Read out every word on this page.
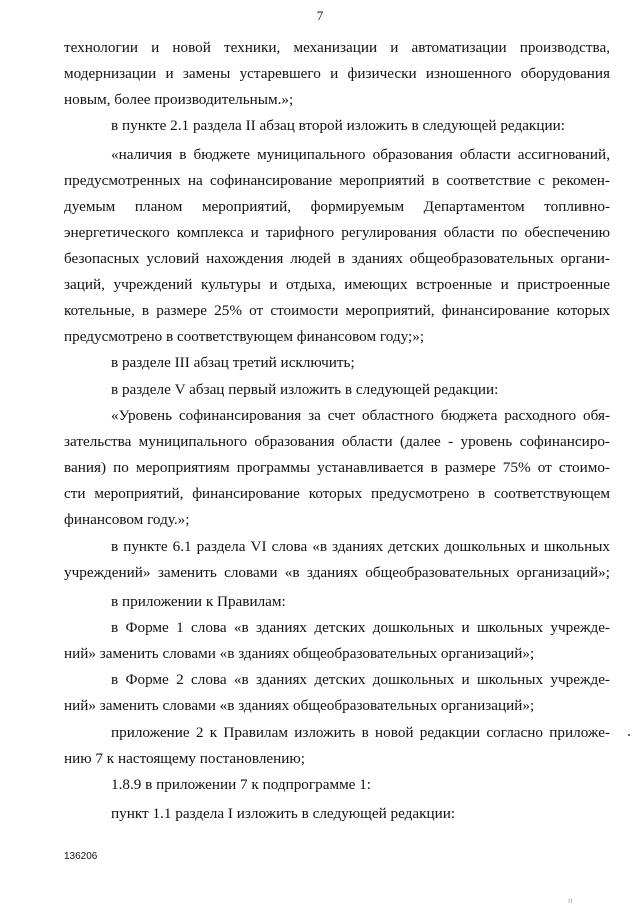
7
технологии и новой техники, механизации и автоматизации производства,
модернизации и замены устаревшего и физически изношенного оборудования
новым, более производительным.»;
в пункте 2.1 раздела II абзац второй изложить в следующей редакции:
«наличия в бюджете муниципального образования области ассигнований,
предусмотренных на софинансирование мероприятий в соответствие с рекомен-
дуемым планом мероприятий, формируемым Департаментом топливно-
энергетического комплекса и тарифного регулирования области по обеспечению
безопасных условий нахождения людей в зданиях общеобразовательных органи-
заций, учреждений культуры и отдыха, имеющих встроенные и пристроенные
котельные, в размере 25% от стоимости мероприятий, финансирование которых
предусмотрено в соответствующем финансовом году;»;
в разделе III абзац третий исключить;
в разделе V абзац первый изложить в следующей редакции:
«Уровень софинансирования за счет областного бюджета расходного обя-
зательства муниципального образования области (далее - уровень софинансиро-
вания) по мероприятиям программы устанавливается в размере 75% от стоимо-
сти мероприятий, финансирование которых предусмотрено в соответствующем
финансовом году.»;
в пункте 6.1 раздела VI слова «в зданиях детских дошкольных и школьных
учреждений» заменить словами «в зданиях общеобразовательных организаций»;
в приложении к Правилам:
в Форме 1 слова «в зданиях детских дошкольных и школьных учрежде-
ний» заменить словами «в зданиях общеобразовательных организаций»;
в Форме 2 слова «в зданиях детских дошкольных и школьных учрежде-
ний» заменить словами «в зданиях общеобразовательных организаций»;
приложение 2 к Правилам изложить в новой редакции согласно приложе-
нию 7 к настоящему постановлению;
1.8.9 в приложении 7 к подпрограмме 1:
пункт 1.1 раздела I изложить в следующей редакции:
136206
ıı
